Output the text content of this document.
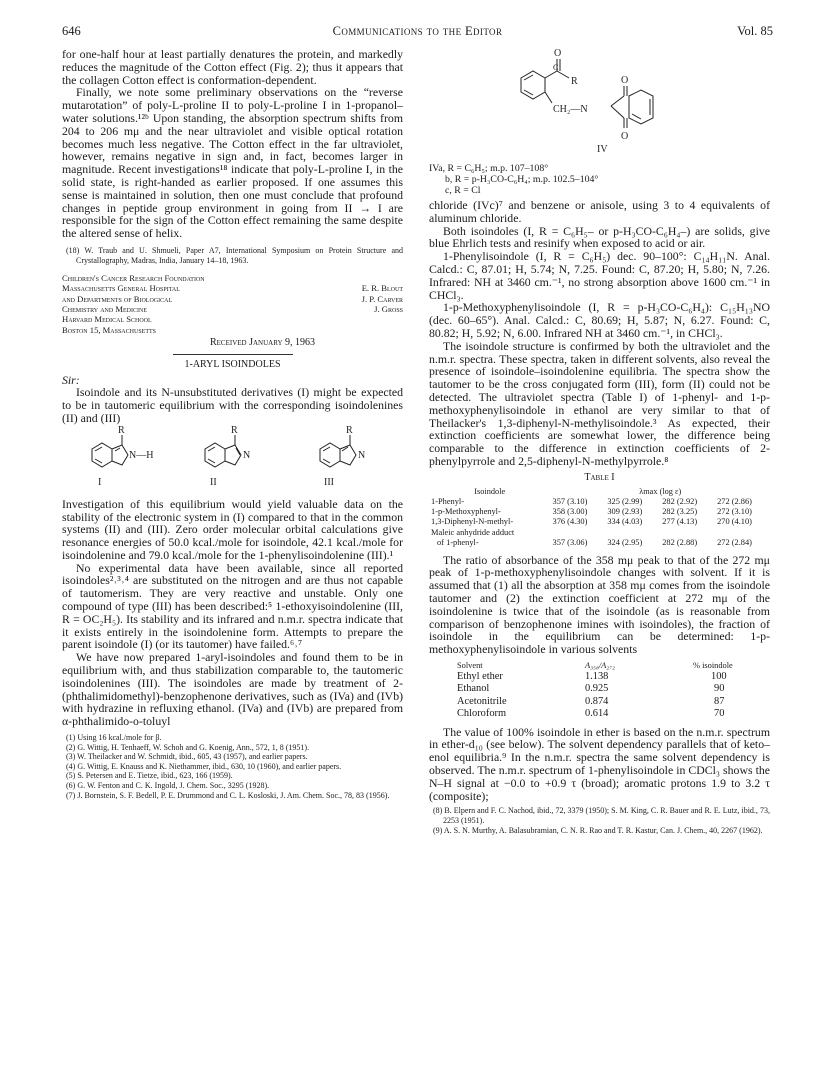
646	Communications to the Editor	Vol. 85

for one-half hour at least partially denatures the protein, and markedly reduces the magnitude of the Cotton effect (Fig. 2); thus it appears that the collagen Cotton effect is conformation-dependent.

Finally, we note some preliminary observations on the “reverse mutarotation” of poly-L-proline II to poly-L-proline I in 1-propanol–water solutions.¹²ᵇ Upon standing, the absorption spectrum shifts from 204 to 206 mμ and the near ultraviolet and visible optical rotation becomes much less negative. The Cotton effect in the far ultraviolet, however, remains negative in sign and, in fact, becomes larger in magnitude. Recent investigations¹⁸ indicate that poly-L-proline I, in the solid state, is right-handed as earlier proposed. If one assumes this sense is maintained in solution, then one must conclude that profound changes in peptide group environment in going from II → I are responsible for the sign of the Cotton effect remaining the same despite the altered sense of helix.

(18) W. Traub and U. Shmueli, Paper A7, International Symposium on Protein Structure and Crystallography, Madras, India, January 14–18, 1963.
Children's Cancer Research Foundation
Massachusetts General Hospital	E. R. Blout
and Departments of Biological	J. P. Carver
Chemistry and Medicine	J. Gross
Harvard Medical School
Boston 15, Massachusetts

Received January 9, 1963

1-ARYL ISOINDOLES

Sir:

Isoindole and its N-unsubstituted derivatives (I) might be expected to be in tautomeric equilibrium with the corresponding isoindolenines (II) and (III)

R
N—H
I
R
N
II
R
N
III

Investigation of this equilibrium would yield valuable data on the stability of the electronic system in (I) compared to that in the common systems (II) and (III). Zero order molecular orbital calculations give resonance energies of 50.0 kcal./mole for isoindole, 42.1 kcal./mole for isoindolenine and 79.0 kcal./mole for the 1-phenylisoindolenine (III).¹

No experimental data have been available, since all reported isoindoles²˒³˒⁴ are substituted on the nitrogen and are thus not capable of tautomerism. They are very reactive and unstable. Only one compound of type (III) has been described:⁵ 1-ethoxyisoindolenine (III, R = OC₂H₅). Its stability and its infrared and n.m.r. spectra indicate that it exists entirely in the isoindolenine form. Attempts to prepare the parent isoindole (I) (or its tautomer) have failed.⁶˒⁷

We have now prepared 1-aryl-isoindoles and found them to be in equilibrium with, and thus stabilization comparable to, the tautomeric isoindolenines (III). The isoindoles are made by treatment of 2-(phthalimidomethyl)-benzophenone derivatives, such as (IVa) and (IVb) with hydrazine in refluxing ethanol. (IVa) and (IVb) are prepared from α-phthalimido-o-toluyl

(1) Using 16 kcal./mole for β.
(2) G. Wittig, H. Tenhaeff, W. Schoh and G. Koenig, Ann., 572, 1, 8 (1951).
(3) W. Theilacker and W. Schmidt, ibid., 605, 43 (1957), and earlier papers.
(4) G. Wittig, E. Knauss and K. Niethammer, ibid., 630, 10 (1960), and earlier papers.
(5) S. Petersen and E. Tietze, ibid., 623, 166 (1959).
(6) G. W. Fenton and C. K. Ingold, J. Chem. Soc., 3295 (1928).
(7) J. Bornstein, S. F. Bedell, P. E. Drummond and C. L. Kosloski, J. Am. Chem. Soc., 78, 83 (1956).
O
C
R
CH₂—N
O
O
IV
IVa, R = C₆H₅; m.p. 107–108°
b, R = p-H₃CO-C₆H₄; m.p. 102.5–104°
c, R = Cl

chloride (IVc)⁷ and benzene or anisole, using 3 to 4 equivalents of aluminum chloride.

Both isoindoles (I, R = C₆H₅– or p-H₃CO-C₆H₄–) are solids, give blue Ehrlich tests and resinify when exposed to acid or air.

1-Phenylisoindole (I, R = C₆H₅) dec. 90–100°: C₁₄H₁₁N. Anal. Calcd.: C, 87.01; H, 5.74; N, 7.25. Found: C, 87.20; H, 5.80; N, 7.26. Infrared: NH at 3460 cm.⁻¹, no strong absorption above 1600 cm.⁻¹ in CHCl₃.

1-p-Methoxyphenylisoindole (I, R = p-H₃CO-C₆H₄): C₁₅H₁₃NO (dec. 60–65°). Anal. Calcd.: C, 80.69; H, 5.87; N, 6.27. Found: C, 80.82; H, 5.92; N, 6.00. Infrared NH at 3460 cm.⁻¹, in CHCl₃.

The isoindole structure is confirmed by both the ultraviolet and the n.m.r. spectra. These spectra, taken in different solvents, also reveal the presence of isoindole–isoindolenine equilibria. The spectra show the tautomer to be the cross conjugated form (III), form (II) could not be detected. The ultraviolet spectra (Table I) of 1-phenyl- and 1-p-methoxyphenylisoindole in ethanol are very similar to that of Theilacker's 1,3-diphenyl-N-methylisoindole.³ As expected, their extinction coefficients are somewhat lower, the difference being comparable to the difference in extinction coefficients of 2-phenylpyrrole and 2,5-diphenyl-N-methylpyrrole.⁸

Table I

Isoindole	λmax (log ε)			
1-Phenyl-	357 (3.10)	325 (2.99)	282 (2.92)	272 (2.86)
1-p-Methoxyphenyl-	358 (3.00)	309 (2.93)	282 (3.25)	272 (3.10)
1,3-Diphenyl-N-methyl-	376 (4.30)	334 (4.03)	277 (4.13)	270 (4.10)
Maleic anhydride adduct				
of 1-phenyl-	357 (3.06)	324 (2.95)	282 (2.88)	272 (2.84)

The ratio of absorbance of the 358 mμ peak to that of the 272 mμ peak of 1-p-methoxyphenylisoindole changes with solvent. If it is assumed that (1) all the absorption at 358 mμ comes from the isoindole tautomer and (2) the extinction coefficient at 272 mμ of the isoindolenine is twice that of the isoindole (as is reasonable from comparison of benzophenone imines with isoindoles), the fraction of isoindole in the equilibrium can be determined: 1-p-methoxyphenylisoindole in various solvents

Solvent	A₃₅₈/A₂₇₂	% isoindole
Ethyl ether	1.138	100
Ethanol	0.925	90
Acetonitrile	0.874	87
Chloroform	0.614	70

The value of 100% isoindole in ether is based on the n.m.r. spectrum in ether-d₁₀ (see below). The solvent dependency parallels that of keto–enol equilibria.⁹ In the n.m.r. spectra the same solvent dependency is observed. The n.m.r. spectrum of 1-phenylisoindole in CDCl₃ shows the N–H signal at −0.0 to +0.9 τ (broad); aromatic protons 1.9 to 3.2 τ (composite);

(8) B. Elpern and F. C. Nachod, ibid., 72, 3379 (1950); S. M. King, C. R. Bauer and R. E. Lutz, ibid., 73, 2253 (1951).
(9) A. S. N. Murthy, A. Balasubramian, C. N. R. Rao and T. R. Kastur, Can. J. Chem., 40, 2267 (1962).
